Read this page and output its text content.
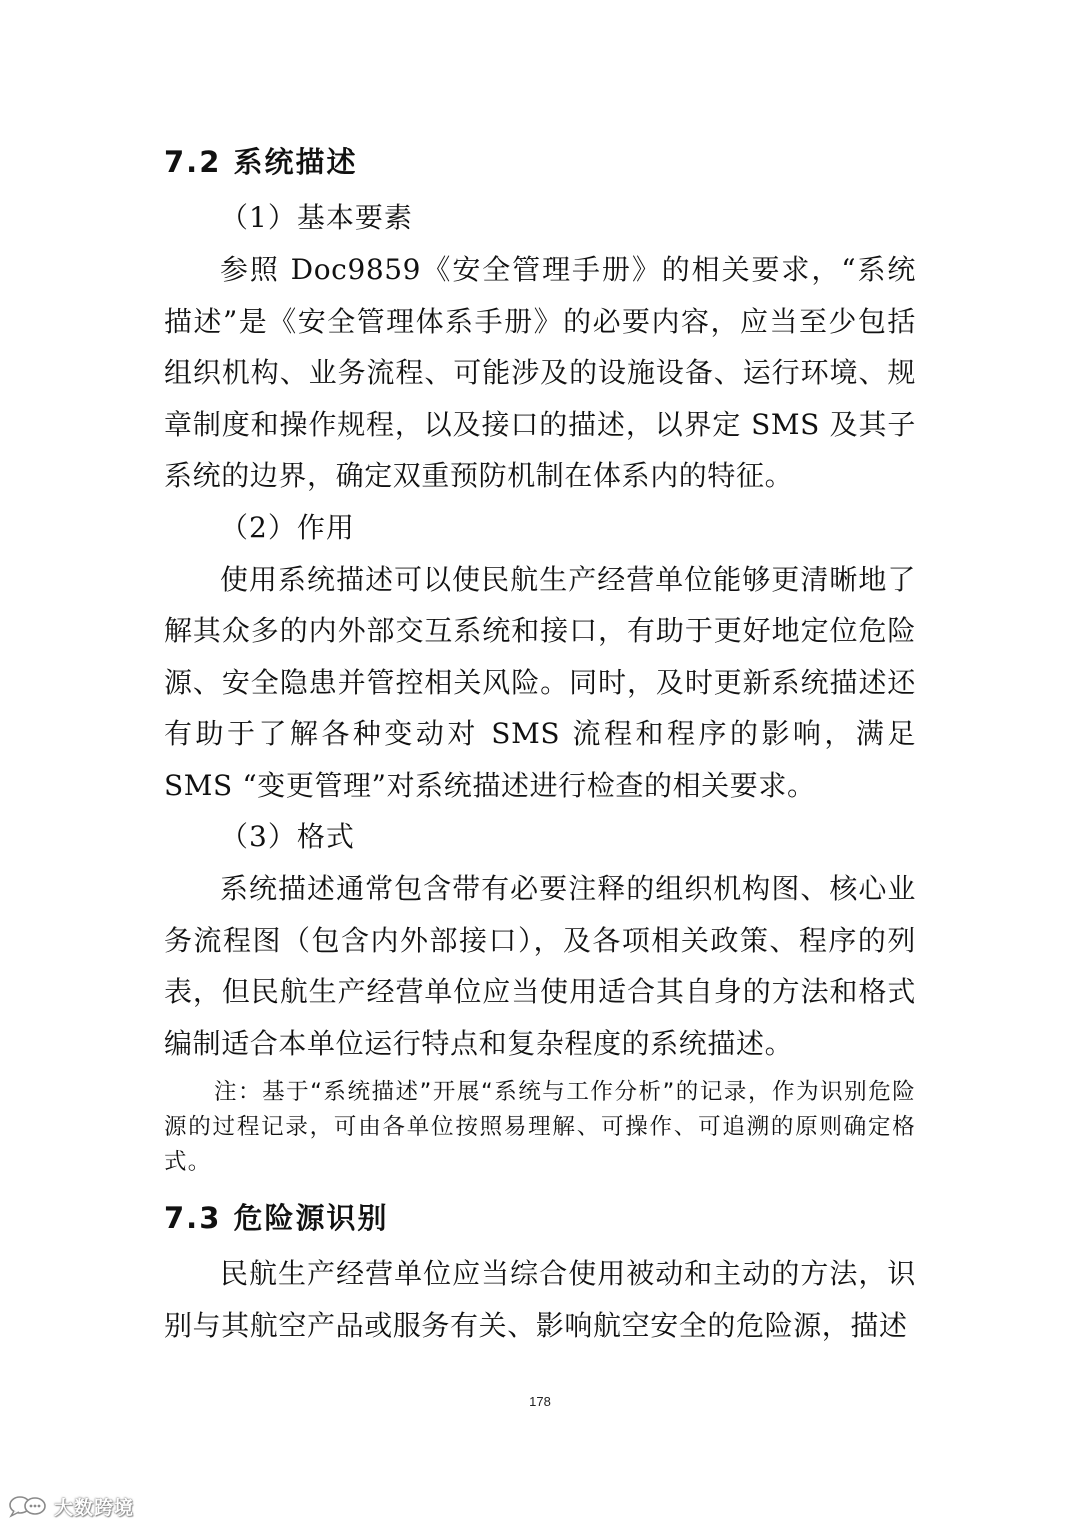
7.2 系统描述

（1）基本要素

参照 Doc9859《安全管理手册》的相关要求，“系统描述”是《安全管理体系手册》的必要内容，应当至少包括组织机构、业务流程、可能涉及的设施设备、运行环境、规章制度和操作规程，以及接口的描述，以界定 SMS 及其子系统的边界，确定双重预防机制在体系内的特征。

（2）作用

使用系统描述可以使民航生产经营单位能够更清晰地了解其众多的内外部交互系统和接口，有助于更好地定位危险源、安全隐患并管控相关风险。同时，及时更新系统描述还有助于了解各种变动对 SMS 流程和程序的影响，满足 SMS “变更管理”对系统描述进行检查的相关要求。

（3）格式

系统描述通常包含带有必要注释的组织机构图、核心业务流程图（包含内外部接口），及各项相关政策、程序的列表，但民航生产经营单位应当使用适合其自身的方法和格式编制适合本单位运行特点和复杂程度的系统描述。

注：基于“系统描述”开展“系统与工作分析”的记录，作为识别危险源的过程记录，可由各单位按照易理解、可操作、可追溯的原则确定格式。

7.3 危险源识别

民航生产经营单位应当综合使用被动和主动的方法，识别与其航空产品或服务有关、影响航空安全的危险源，描述

178
大数跨境
